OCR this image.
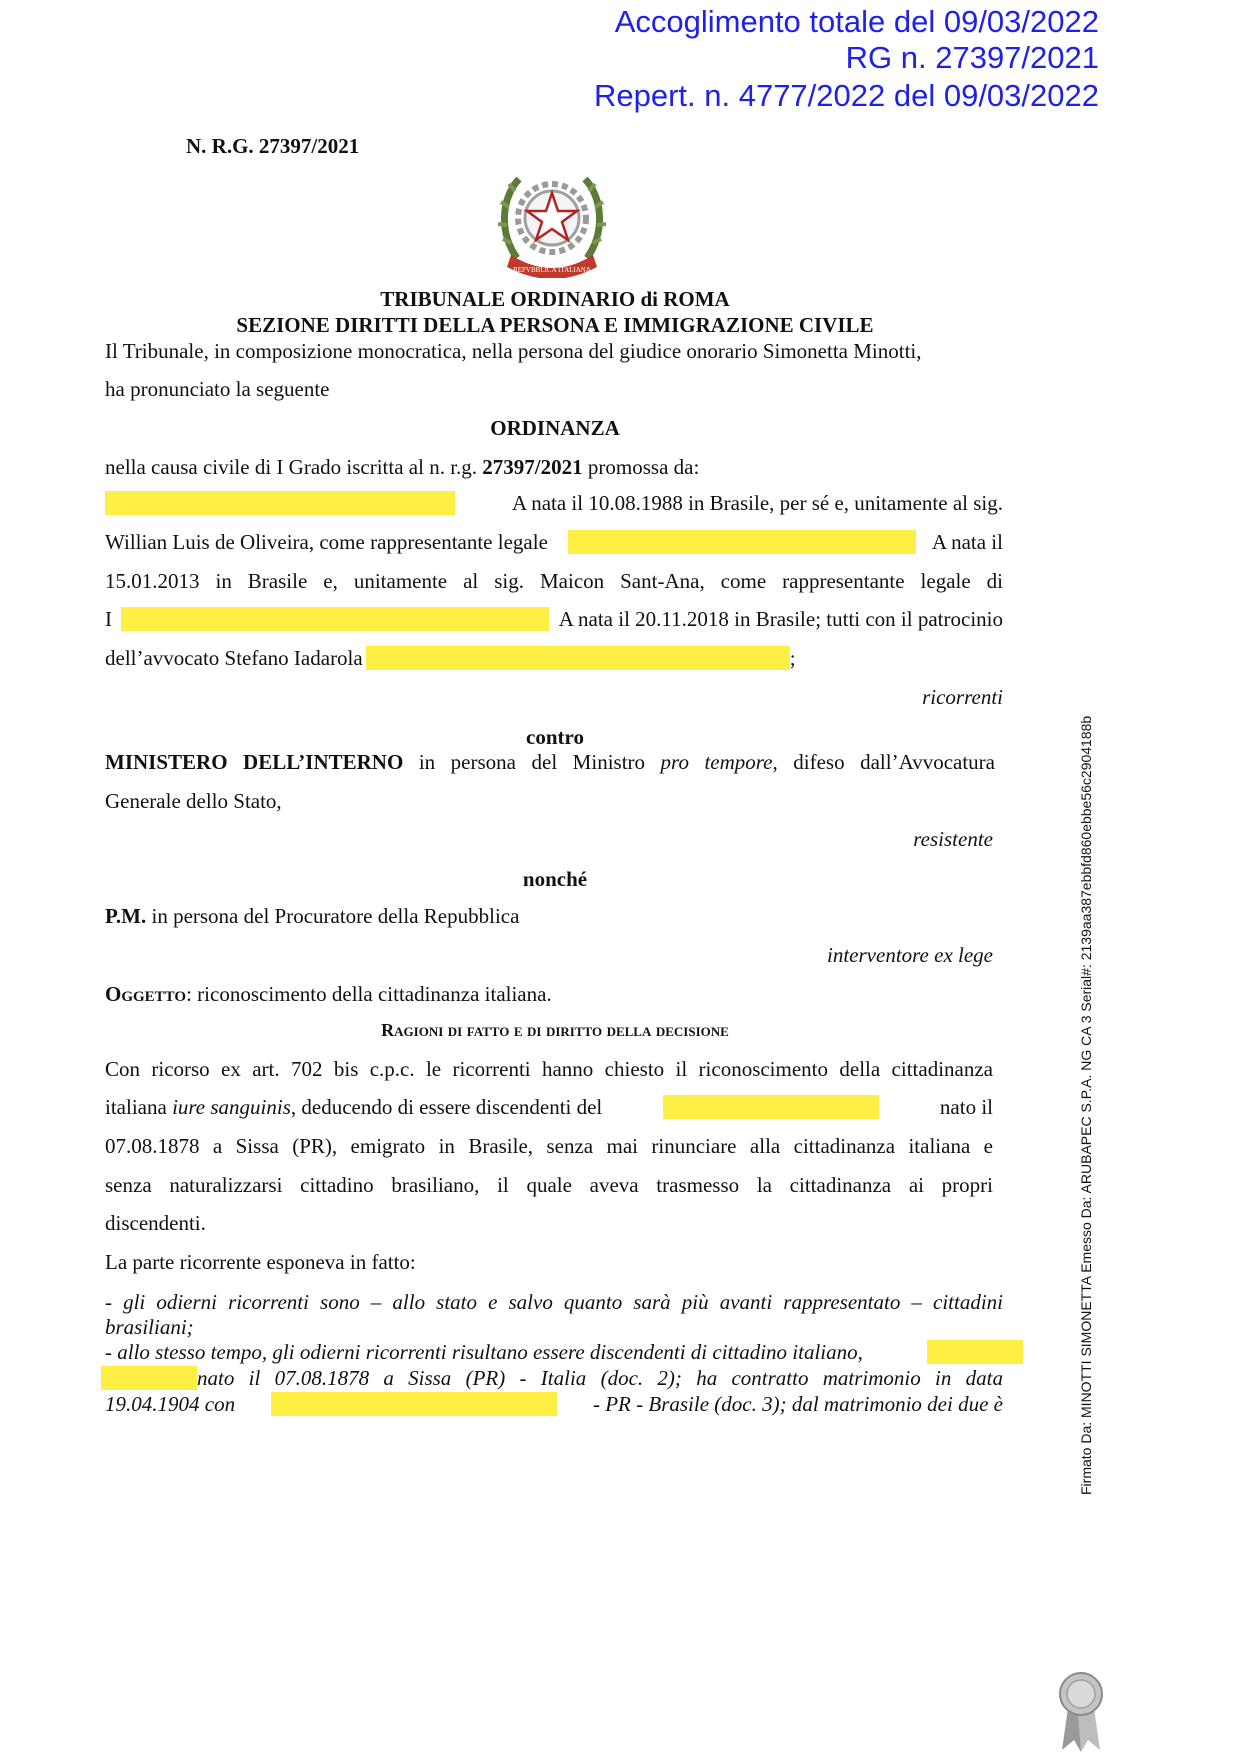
Accoglimento totale del 09/03/2022
RG n. 27397/2021
Repert. n. 4777/2022 del 09/03/2022
N. R.G. 27397/2021
REPVBBLICA ITALIANA
TRIBUNALE ORDINARIO di ROMA
SEZIONE DIRITTI DELLA PERSONA E IMMIGRAZIONE CIVILE
Il Tribunale, in composizione monocratica, nella persona del giudice onorario Simonetta Minotti,
ha pronunciato la seguente
ORDINANZA
nella causa civile di I Grado iscritta al n. r.g. 27397/2021 promossa da:
A nata il 10.08.1988 in Brasile, per sé e, unitamente al sig.
Willian Luis de Oliveira, come rappresentante legale	A nata il
15.01.2013 in Brasile e, unitamente al sig. Maicon Sant-Ana, come rappresentante legale di
I	A nata il 20.11.2018 in Brasile; tutti con il patrocinio
dell’avvocato Stefano Iadarola	;
ricorrenti
contro
MINISTERO DELL’INTERNO in persona del Ministro pro tempore, difeso dall’Avvocatura
Generale dello Stato,
resistente
nonché
P.M. in persona del Procuratore della Repubblica
interventore ex lege
Oggetto: riconoscimento della cittadinanza italiana.
Ragioni di fatto e di diritto della decisione
Con ricorso ex art. 702 bis c.p.c. le ricorrenti hanno chiesto il riconoscimento della cittadinanza
italiana iure sanguinis, deducendo di essere discendenti del	nato il
07.08.1878 a Sissa (PR), emigrato in Brasile, senza mai rinunciare alla cittadinanza italiana e
senza naturalizzarsi cittadino brasiliano, il quale aveva trasmesso la cittadinanza ai propri
discendenti.
La parte ricorrente esponeva in fatto:
- gli odierni ricorrenti sono – allo stato e salvo quanto sarà più avanti rappresentato – cittadini
brasiliani;
- allo stesso tempo, gli odierni ricorrenti risultano essere discendenti di cittadino italiano,
nato il 07.08.1878 a Sissa (PR) - Italia (doc. 2); ha contratto matrimonio in data
19.04.1904 con	- PR - Brasile (doc. 3); dal matrimonio dei due è	Firmato Da: MINOTTI SIMONETTA Emesso Da: ARUBAPEC S.P.A. NG CA 3 Serial#: 2139aa387ebbfd860ebbe56c2904188b
